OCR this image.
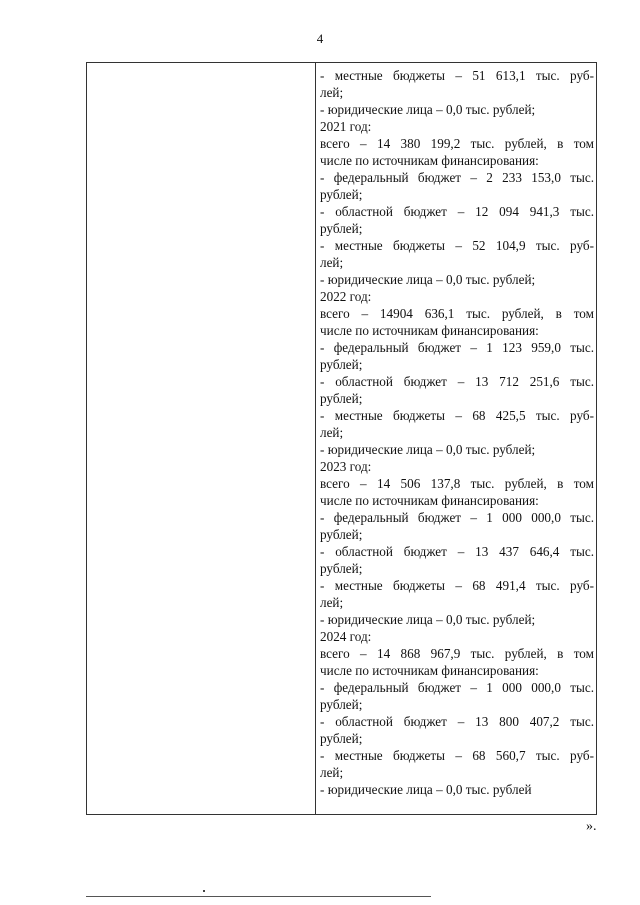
4
- местные бюджеты – 51 613,1 тыс. руб-
лей;
- юридические лица – 0,0 тыс. рублей;
2021 год:
всего – 14 380 199,2 тыс. рублей, в том
числе по источникам финансирования:
- федеральный бюджет – 2 233 153,0 тыс.
рублей;
- областной бюджет – 12 094 941,3 тыс.
рублей;
- местные бюджеты – 52 104,9 тыс. руб-
лей;
- юридические лица – 0,0 тыс. рублей;
2022 год:
всего – 14904 636,1 тыс. рублей, в том
числе по источникам финансирования:
- федеральный бюджет – 1 123 959,0 тыс.
рублей;
- областной бюджет – 13 712 251,6 тыс.
рублей;
- местные бюджеты – 68 425,5 тыс. руб-
лей;
- юридические лица – 0,0 тыс. рублей;
2023 год:
всего – 14 506 137,8 тыс. рублей, в том
числе по источникам финансирования:
- федеральный бюджет – 1 000 000,0 тыс.
рублей;
- областной бюджет – 13 437 646,4 тыс.
рублей;
- местные бюджеты – 68 491,4 тыс. руб-
лей;
- юридические лица – 0,0 тыс. рублей;
2024 год:
всего – 14 868 967,9 тыс. рублей, в том
числе по источникам финансирования:
- федеральный бюджет – 1 000 000,0 тыс.
рублей;
- областной бюджет – 13 800 407,2 тыс.
рублей;
- местные бюджеты – 68 560,7 тыс. руб-
лей;
- юридические лица – 0,0 тыс. рублей
».
